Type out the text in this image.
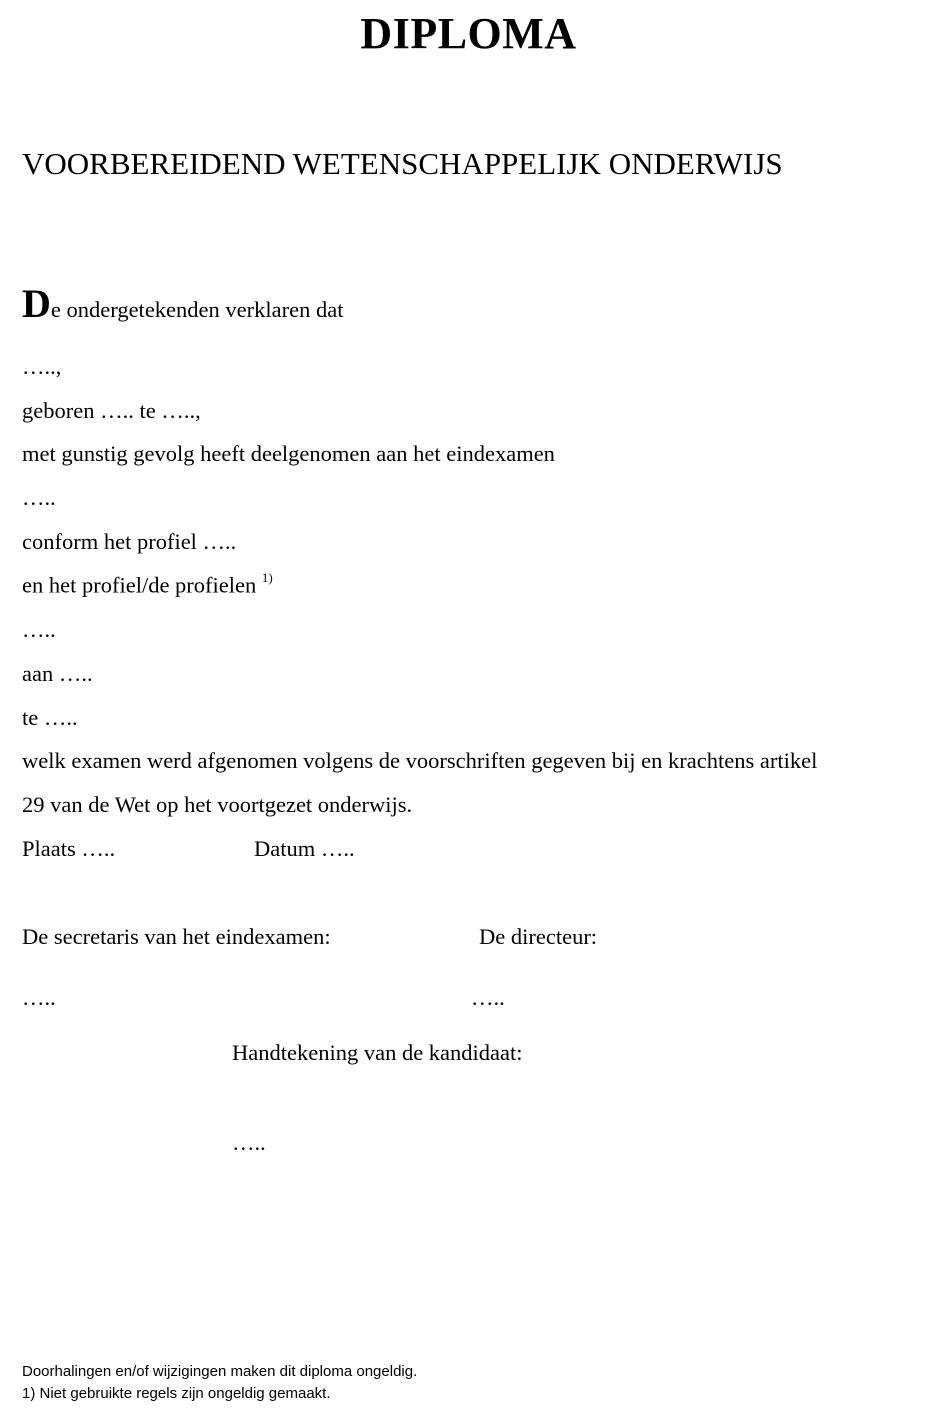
DIPLOMA
VOORBEREIDEND WETENSCHAPPELIJK ONDERWIJS
De ondergetekenden verklaren dat
…..,
geboren ….. te …..,
met gunstig gevolg heeft deelgenomen aan het eindexamen
…..
conform het profiel …..
en het profiel/de profielen $^{1)}$
…..
aan …..
te …..
welk examen werd afgenomen volgens de voorschriften gegeven bij en krachtens artikel
29 van de Wet op het voortgezet onderwijs.
Plaats …..	Datum …..
De secretaris van het eindexamen:	De directeur:
…..	…..
Handtekening van de kandidaat:
…..
Doorhalingen en/of wijzigingen maken dit diploma ongeldig.
1) Niet gebruikte regels zijn ongeldig gemaakt.
